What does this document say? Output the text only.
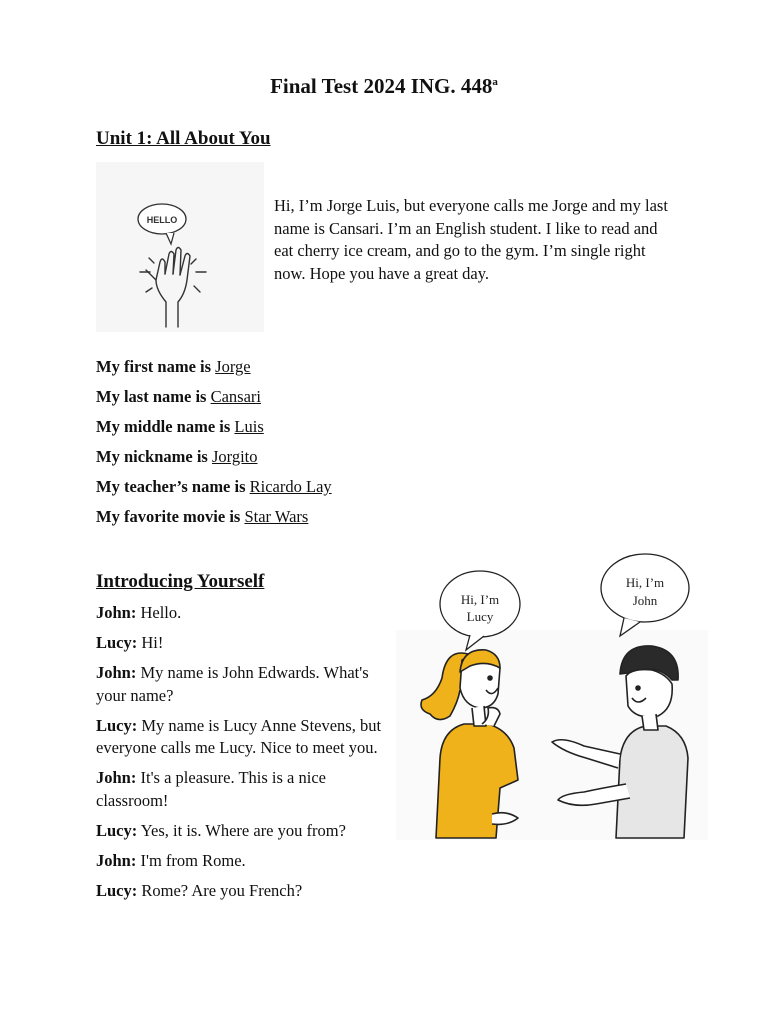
Final Test 2024 ING. 448$^a$
Unit 1: All About You
HELLO
Hi, I’m Jorge Luis, but everyone calls me Jorge and my last name is Cansari. I’m an English student. I like to read and eat cherry ice cream, and go to the gym. I’m single right now. Hope you have a great day.
My first name is Jorge
My last name is Cansari
My middle name is Luis
My nickname is Jorgito
My teacher’s name is Ricardo Lay
My favorite movie is Star Wars
Introducing Yourself
John: Hello.
Lucy: Hi!
John: My name is John Edwards. What's your name?
Lucy: My name is Lucy Anne Stevens, but everyone calls me Lucy. Nice to meet you.
John: It's a pleasure. This is a nice classroom!
Lucy: Yes, it is. Where are you from?
John: I'm from Rome.
Lucy: Rome? Are you French?
Hi, I’m
Lucy
Hi, I’m
John
